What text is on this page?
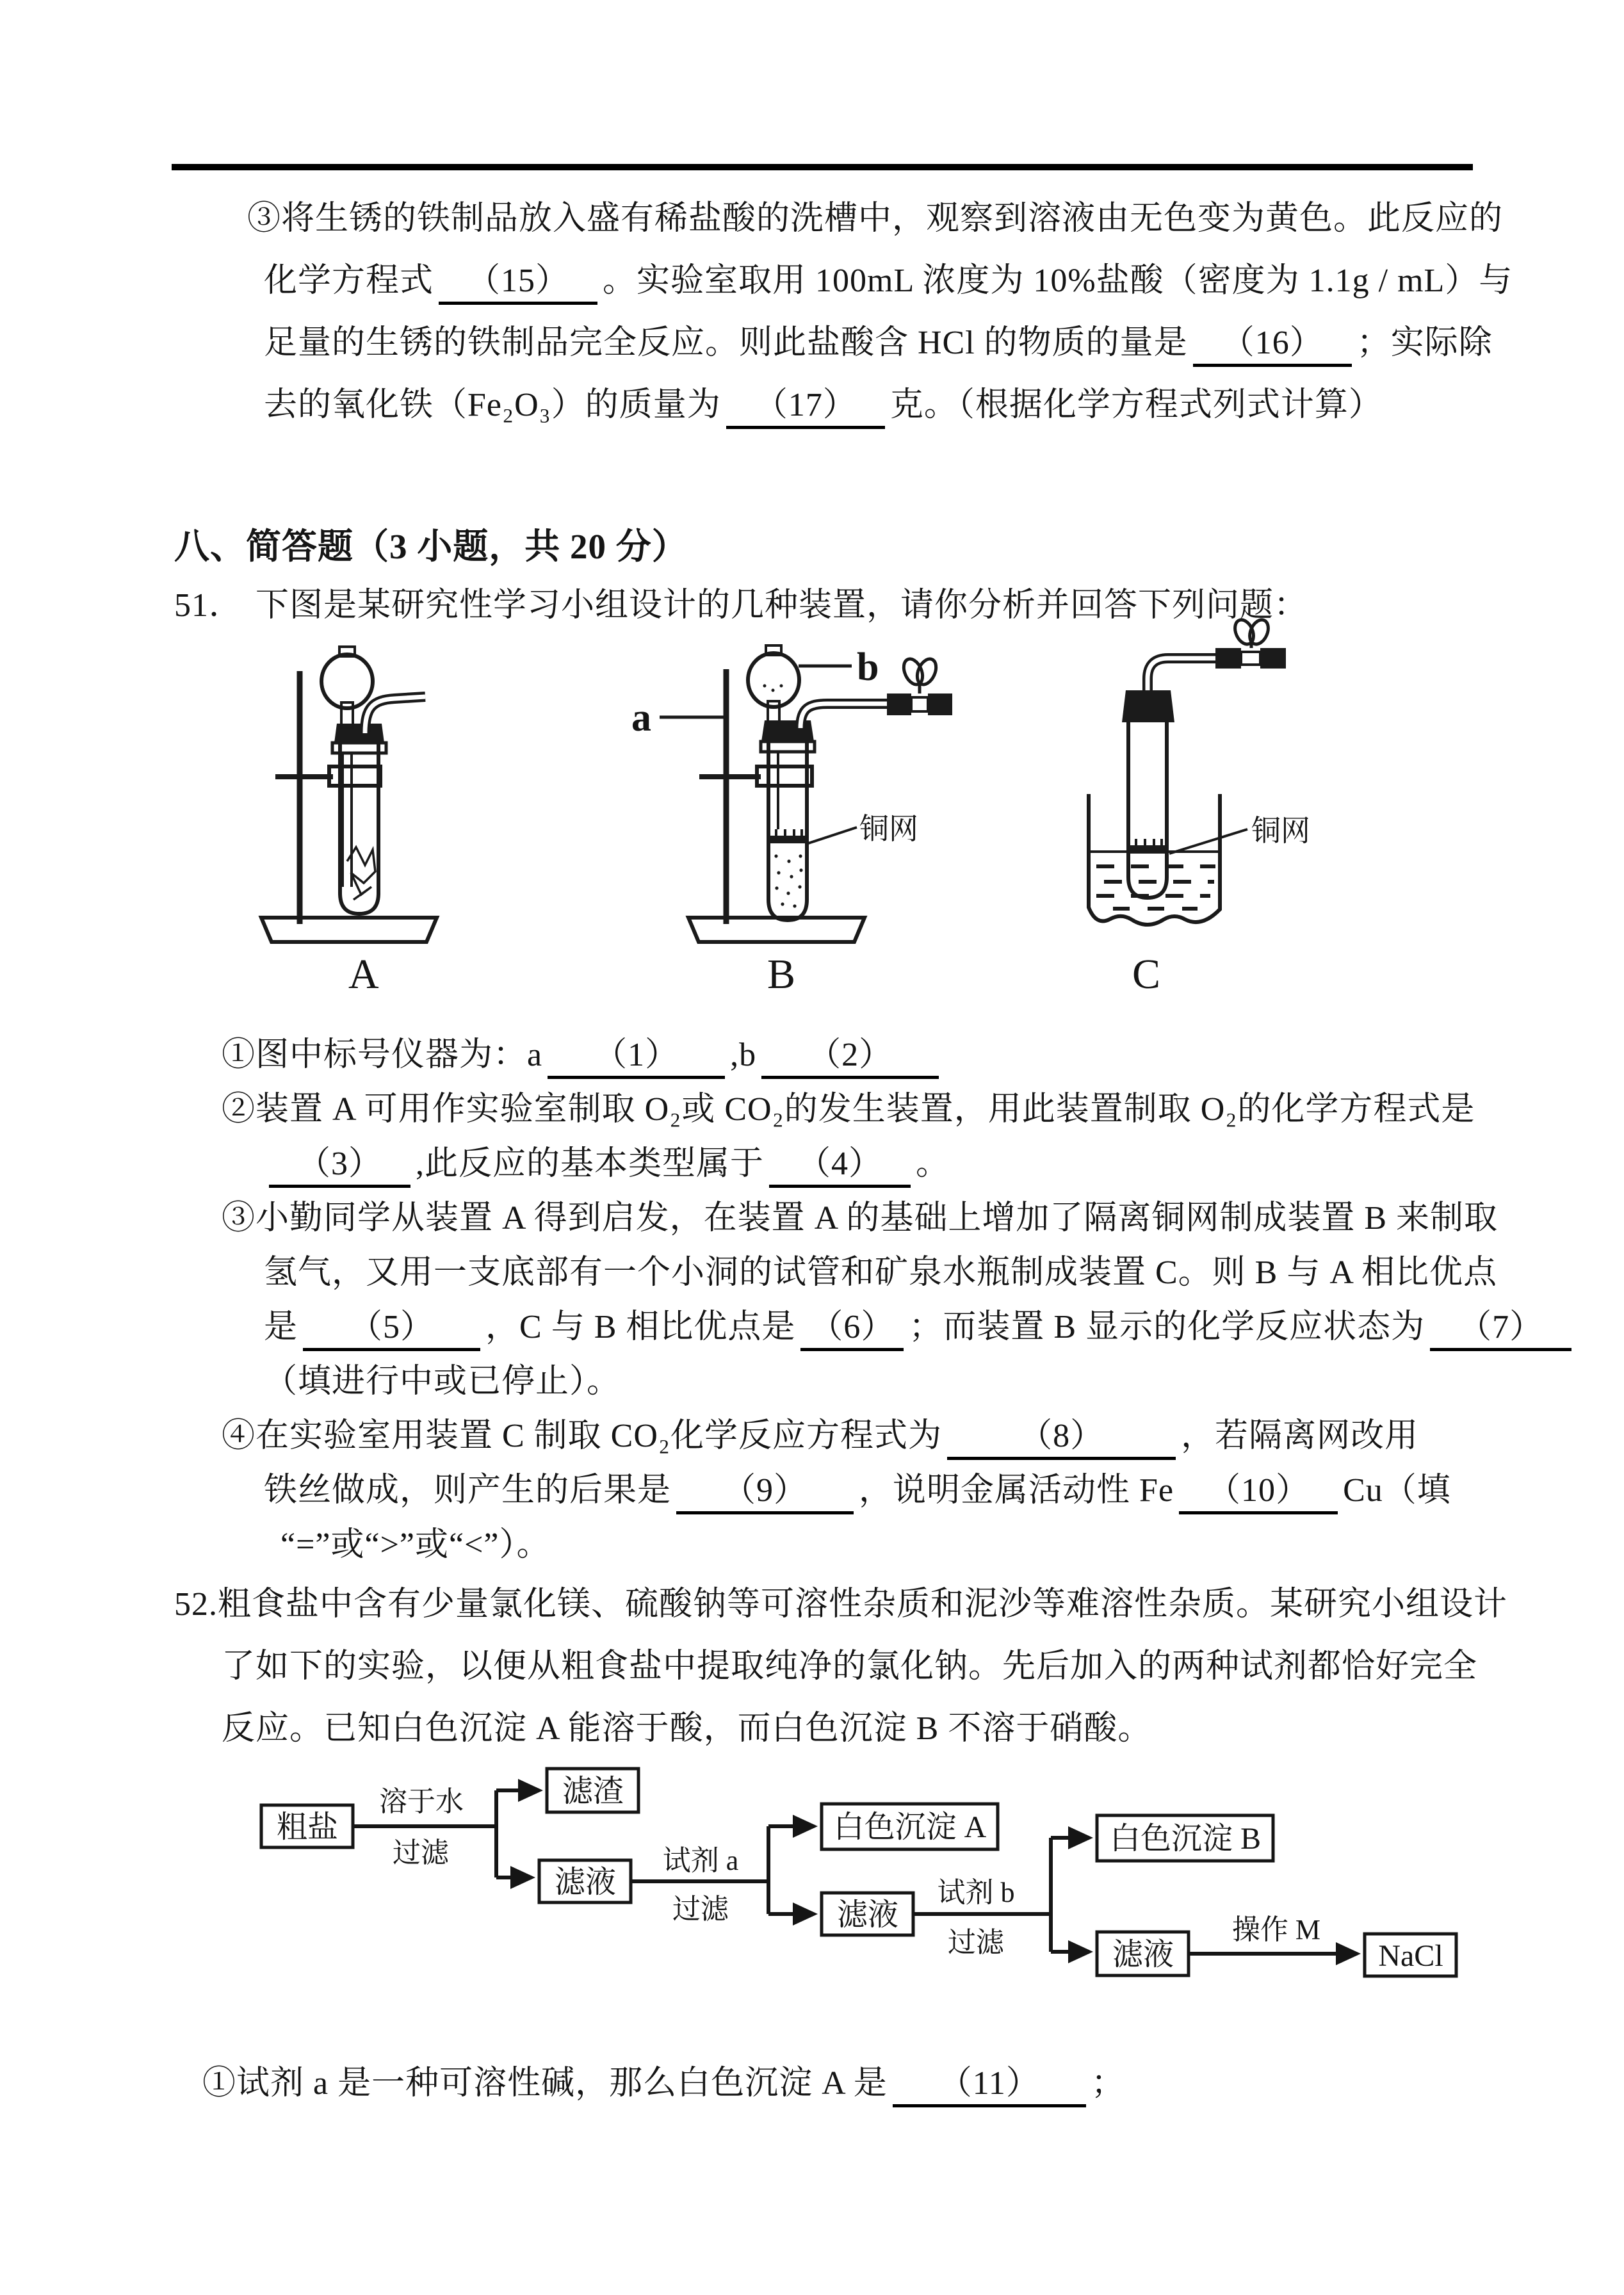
③将生锈的铁制品放入盛有稀盐酸的洗槽中，观察到溶液由无色变为黄色。此反应的
化学方程式 （15） 。实验室取用 100mL 浓度为 10%盐酸（密度为 1.1g / mL）与
足量的生锈的铁制品完全反应。则此盐酸含 HCl 的物质的量是 （16） ；实际除
去的氧化铁（Fe₂O₃）的质量为 （17） 克。（根据化学方程式列式计算）
八、简答题（3 小题，共 20 分）
51． 下图是某研究性学习小组设计的几种装置，请你分析并回答下列问题：
A
a
b
铜网
B
铜网
C
①图中标号仪器为：a （1） ,b （2）
②装置 A 可用作实验室制取 O₂或 CO₂的发生装置，用此装置制取 O₂的化学方程式是
（3） ,此反应的基本类型属于 （4） 。
③小勤同学从装置 A 得到启发，在装置 A 的基础上增加了隔离铜网制成装置 B 来制取
氢气，又用一支底部有一个小洞的试管和矿泉水瓶制成装置 C。则 B 与 A 相比优点
是 （5） ，C 与 B 相比优点是 （6） ；而装置 B 显示的化学反应状态为 （7）
（填进行中或已停止）。
④在实验室用装置 C 制取 CO₂化学反应方程式为 （8） ，若隔离网改用
铁丝做成，则产生的后果是 （9） ，说明金属活动性 Fe （10） Cu（填
“=”或“>”或“<”）。
52.粗食盐中含有少量氯化镁、硫酸钠等可溶性杂质和泥沙等难溶性杂质。某研究小组设计
了如下的实验，以便从粗食盐中提取纯净的氯化钠。先后加入的两种试剂都恰好完全
反应。已知白色沉淀 A 能溶于酸，而白色沉淀 B 不溶于硝酸。
粗盐
滤渣
滤液
白色沉淀 A
滤液
白色沉淀 B
滤液	NaCl
溶于水
过滤	试剂 a
过滤
试剂 b
过滤	操作 M
①试剂 a 是一种可溶性碱，那么白色沉淀 A 是 （11） ；
